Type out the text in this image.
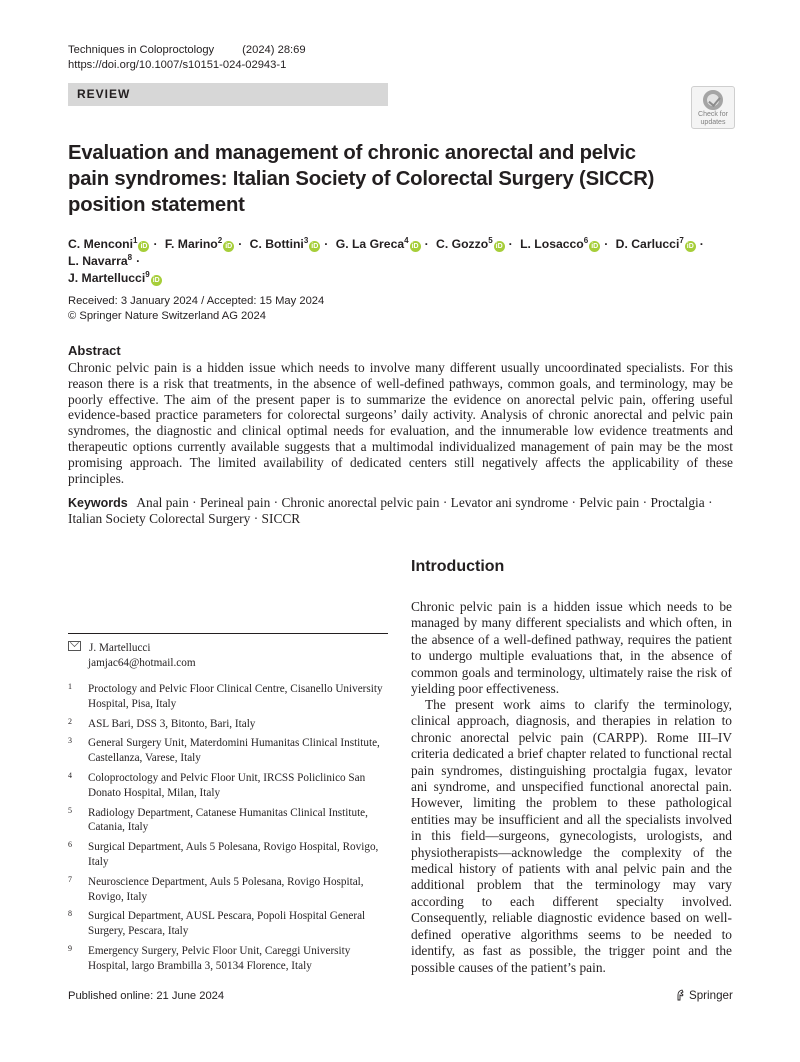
Techniques in Coloproctology	(2024) 28:69
https://doi.org/10.1007/s10151-024-02943-1
REVIEW
Check for
updates
Evaluation and management of chronic anorectal and pelvic pain syndromes: Italian Society of Colorectal Surgery (SICCR) position statement
C. Menconi$^1$iD · F. Marino$^2$iD · C. Bottini$^3$iD · G. La Greca$^4$iD · C. Gozzo$^5$iD · L. Losacco$^6$iD · D. Carlucci$^7$iD · L. Navarra$^8$ ·
J. Martellucci$^9$iD
Received: 3 January 2024 / Accepted: 15 May 2024
© Springer Nature Switzerland AG 2024
Abstract

Chronic pelvic pain is a hidden issue which needs to involve many different usually uncoordinated specialists. For this reason there is a risk that treatments, in the absence of well-defined pathways, common goals, and terminology, may be poorly effective. The aim of the present paper is to summarize the evidence on anorectal pelvic pain, offering useful evidence-based practice parameters for colorectal surgeons’ daily activity. Analysis of chronic anorectal and pelvic pain syndromes, the diagnostic and clinical optimal needs for evaluation, and the innumerable low evidence treatments and therapeutic options currently available suggests that a multimodal individualized management of pain may be the most promising approach. The limited availability of dedicated centers still negatively affects the applicability of these principles.

Keywords Anal pain · Perineal pain · Chronic anorectal pelvic pain · Levator ani syndrome · Pelvic pain · Proctalgia ·
Italian Society Colorectal Surgery · SICCR
Introduction

Chronic pelvic pain is a hidden issue which needs to be managed by many different specialists and which often, in the absence of a well-defined pathway, requires the patient to undergo multiple evaluations that, in the absence of common goals and terminology, ultimately raise the risk of yielding poor effectiveness.

The present work aims to clarify the terminology, clinical approach, diagnosis, and therapies in relation to chronic anorectal pelvic pain (CARPP). Rome III–IV criteria dedicated a brief chapter related to functional rectal pain syndromes, distinguishing proctalgia fugax, levator ani syndrome, and unspecified functional anorectal pain. However, limiting the problem to these pathological entities may be insufficient and all the specialists involved in this field—surgeons, gynecologists, urologists, and physiotherapists—acknowledge the complexity of the medical history of patients with anal pelvic pain and the additional problem that the terminology may vary according to each different specialty involved. Consequently, reliable diagnostic evidence based on well-defined operative algorithms seems to be needed to identify, as fast as possible, the trigger point and the possible causes of the patient’s pain.

J. Martellucci
jamjac64@hotmail.com
1 Proctology and Pelvic Floor Clinical Centre, Cisanello University Hospital, Pisa, Italy
2 ASL Bari, DSS 3, Bitonto, Bari, Italy
3 General Surgery Unit, Materdomini Humanitas Clinical Institute, Castellanza, Varese, Italy
4 Coloproctology and Pelvic Floor Unit, IRCSS Policlinico San Donato Hospital, Milan, Italy
5 Radiology Department, Catanese Humanitas Clinical Institute, Catania, Italy
6 Surgical Department, Auls 5 Polesana, Rovigo Hospital, Rovigo, Italy
7 Neuroscience Department, Auls 5 Polesana, Rovigo Hospital, Rovigo, Italy
8 Surgical Department, AUSL Pescara, Popoli Hospital General Surgery, Pescara, Italy
9 Emergency Surgery, Pelvic Floor Unit, Careggi University Hospital, largo Brambilla 3, 50134 Florence, Italy
Published online: 21 June 2024	Springer
